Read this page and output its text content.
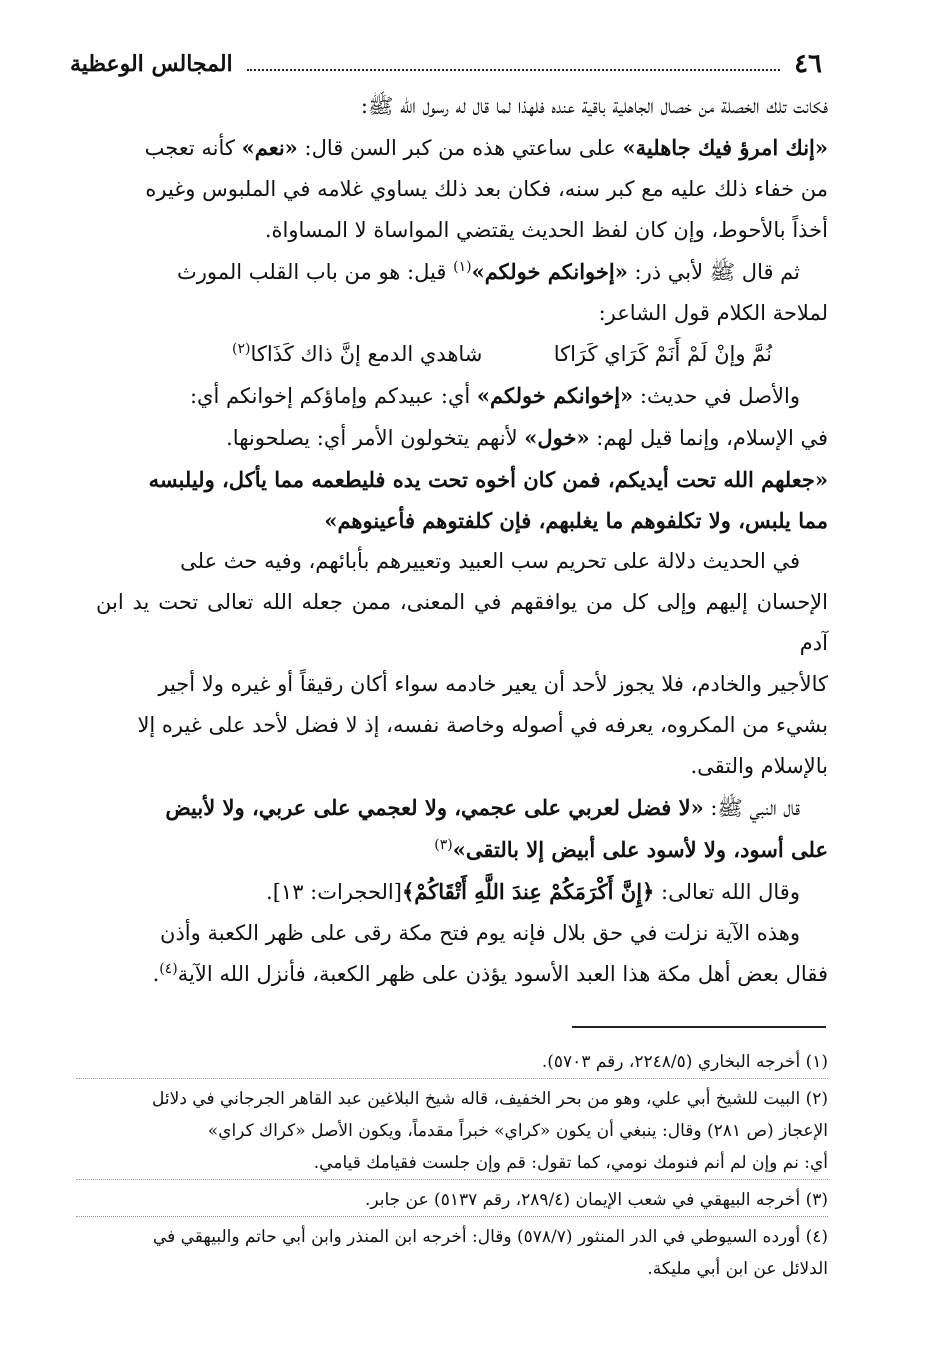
٤٦
المجالس الوعظية

فكانت تلك الخصلة من خصال الجاهلية باقية عنده فلهذا لما قال له رسول الله ﷺ:

«إنك امرؤ فيك جاهلية» على ساعتي هذه من كبر السن قال: «نعم» كأنه تعجب

من خفاء ذلك عليه مع كبر سنه، فكان بعد ذلك يساوي غلامه في الملبوس وغيره

أخذاً بالأحوط، وإن كان لفظ الحديث يقتضي المواساة لا المساواة.

ثم قال ﷺ لأبي ذر: «إخوانكم خولكم»$^{(١)}$ قيل: هو من باب القلب المورث

لملاحة الكلام قول الشاعر:

نُمَّ وإنْ لَمْ أَنَمْ كَرَاي كَرَاكا
شاهدي الدمع إنَّ ذاك كَذَاكا$^{(٢)}$

والأصل في حديث: «إخوانكم خولكم» أي: عبيدكم وإماؤكم إخوانكم أي:

في الإسلام، وإنما قيل لهم: «خول» لأنهم يتخولون الأمر أي: يصلحونها.

«جعلهم الله تحت أيديكم، فمن كان أخوه تحت يده فليطعمه مما يأكل، وليلبسه

مما يلبس، ولا تكلفوهم ما يغلبهم، فإن كلفتوهم فأعينوهم»

في الحديث دلالة على تحريم سب العبيد وتعييرهم بأبائهم، وفيه حث على

الإحسان إليهم وإلى كل من يوافقهم في المعنى، ممن جعله الله تعالى تحت يد ابن آدم

كالأجير والخادم، فلا يجوز لأحد أن يعير خادمه سواء أكان رقيقاً أو غيره ولا أجير

بشيء من المكروه، يعرفه في أصوله وخاصة نفسه، إذ لا فضل لأحد على غيره إلا

بالإسلام والتقى.

قال النبي ﷺ: «لا فضل لعربي على عجمي، ولا لعجمي على عربي، ولا لأبيض

على أسود، ولا لأسود على أبيض إلا بالتقى»$^{(٣)}$

وقال الله تعالى: ﴿إِنَّ أَكْرَمَكُمْ عِندَ اللَّهِ أَتْقَاكُمْ﴾[الحجرات: ١٣].

وهذه الآية نزلت في حق بلال فإنه يوم فتح مكة رقى على ظهر الكعبة وأذن

فقال بعض أهل مكة هذا العبد الأسود يؤذن على ظهر الكعبة، فأنزل الله الآية$^{(٤)}$.

(١) أخرجه البخاري (٢٢٤٨/٥، رقم ٥٧٠٣).

(٢) البيت للشيخ أبي علي، وهو من بحر الخفيف، قاله شيخ البلاغين عبد القاهر الجرجاني في دلائل
الإعجاز (ص ٢٨١) وقال: ينبغي أن يكون «كراي» خبراً مقدماً، ويكون الأصل «كراك كراي»
أي: نم وإن لم أنم فنومك نومي، كما تقول: قم وإن جلست فقيامك قيامي.

(٣) أخرجه البيهقي في شعب الإيمان (٢٨٩/٤، رقم ٥١٣٧) عن جابر.

(٤) أورده السيوطي في الدر المنثور (٥٧٨/٧) وقال: أخرجه ابن المنذر وابن أبي حاتم والبيهقي في
الدلائل عن ابن أبي مليكة.
